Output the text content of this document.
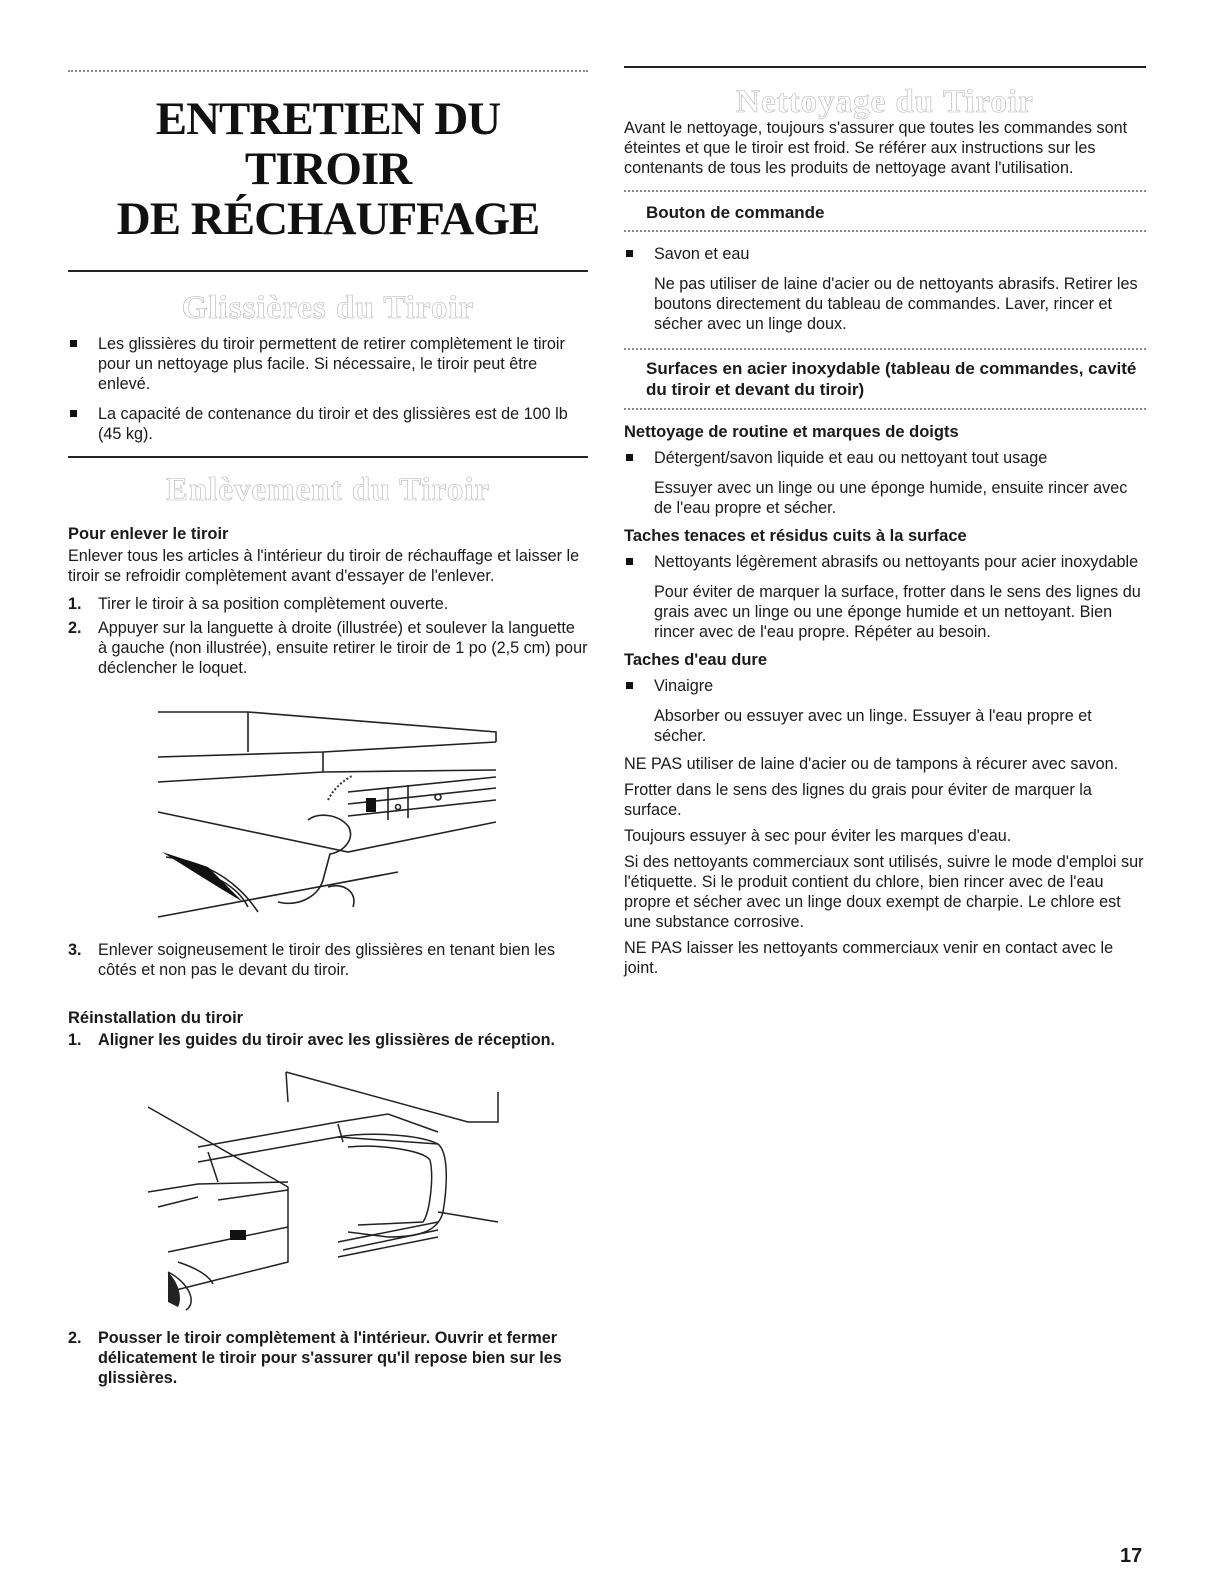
ENTRETIEN DU TIROIR
DE RÉCHAUFFAGE
Glissières du Tiroir
Les glissières du tiroir permettent de retirer complètement le tiroir pour un nettoyage plus facile. Si nécessaire, le tiroir peut être enlevé.
La capacité de contenance du tiroir et des glissières est de 100 lb (45 kg).
Enlèvement du Tiroir

Pour enlever le tiroir

Enlever tous les articles à l'intérieur du tiroir de réchauffage et laisser le tiroir se refroidir complètement avant d'essayer de l'enlever.

1. Tirer le tiroir à sa position complètement ouverte.

2. Appuyer sur la languette à droite (illustrée) et soulever la languette à gauche (non illustrée), ensuite retirer le tiroir de 1 po (2,5 cm) pour déclencher le loquet.

3. Enlever soigneusement le tiroir des glissières en tenant bien les côtés et non pas le devant du tiroir.

Réinstallation du tiroir

1. Aligner les guides du tiroir avec les glissières de réception.

2. Pousser le tiroir complètement à l'intérieur. Ouvrir et fermer délicatement le tiroir pour s'assurer qu'il repose bien sur les glissières.

Nettoyage du Tiroir

Avant le nettoyage, toujours s'assurer que toutes les commandes sont éteintes et que le tiroir est froid. Se référer aux instructions sur les contenants de tous les produits de nettoyage avant l'utilisation.

Bouton de commande

Savon et eau

Ne pas utiliser de laine d'acier ou de nettoyants abrasifs. Retirer les boutons directement du tableau de commandes. Laver, rincer et sécher avec un linge doux.

Surfaces en acier inoxydable (tableau de commandes, cavité du tiroir et devant du tiroir)

Nettoyage de routine et marques de doigts

Détergent/savon liquide et eau ou nettoyant tout usage

Essuyer avec un linge ou une éponge humide, ensuite rincer avec de l'eau propre et sécher.

Taches tenaces et résidus cuits à la surface

Nettoyants légèrement abrasifs ou nettoyants pour acier inoxydable

Pour éviter de marquer la surface, frotter dans le sens des lignes du grais avec un linge ou une éponge humide et un nettoyant. Bien rincer avec de l'eau propre. Répéter au besoin.

Taches d'eau dure

Vinaigre

Absorber ou essuyer avec un linge. Essuyer à l'eau propre et sécher.

NE PAS utiliser de laine d'acier ou de tampons à récurer avec savon.

Frotter dans le sens des lignes du grais pour éviter de marquer la surface.

Toujours essuyer à sec pour éviter les marques d'eau.

Si des nettoyants commerciaux sont utilisés, suivre le mode d'emploi sur l'étiquette. Si le produit contient du chlore, bien rincer avec de l'eau propre et sécher avec un linge doux exempt de charpie. Le chlore est une substance corrosive.

NE PAS laisser les nettoyants commerciaux venir en contact avec le joint.

17
